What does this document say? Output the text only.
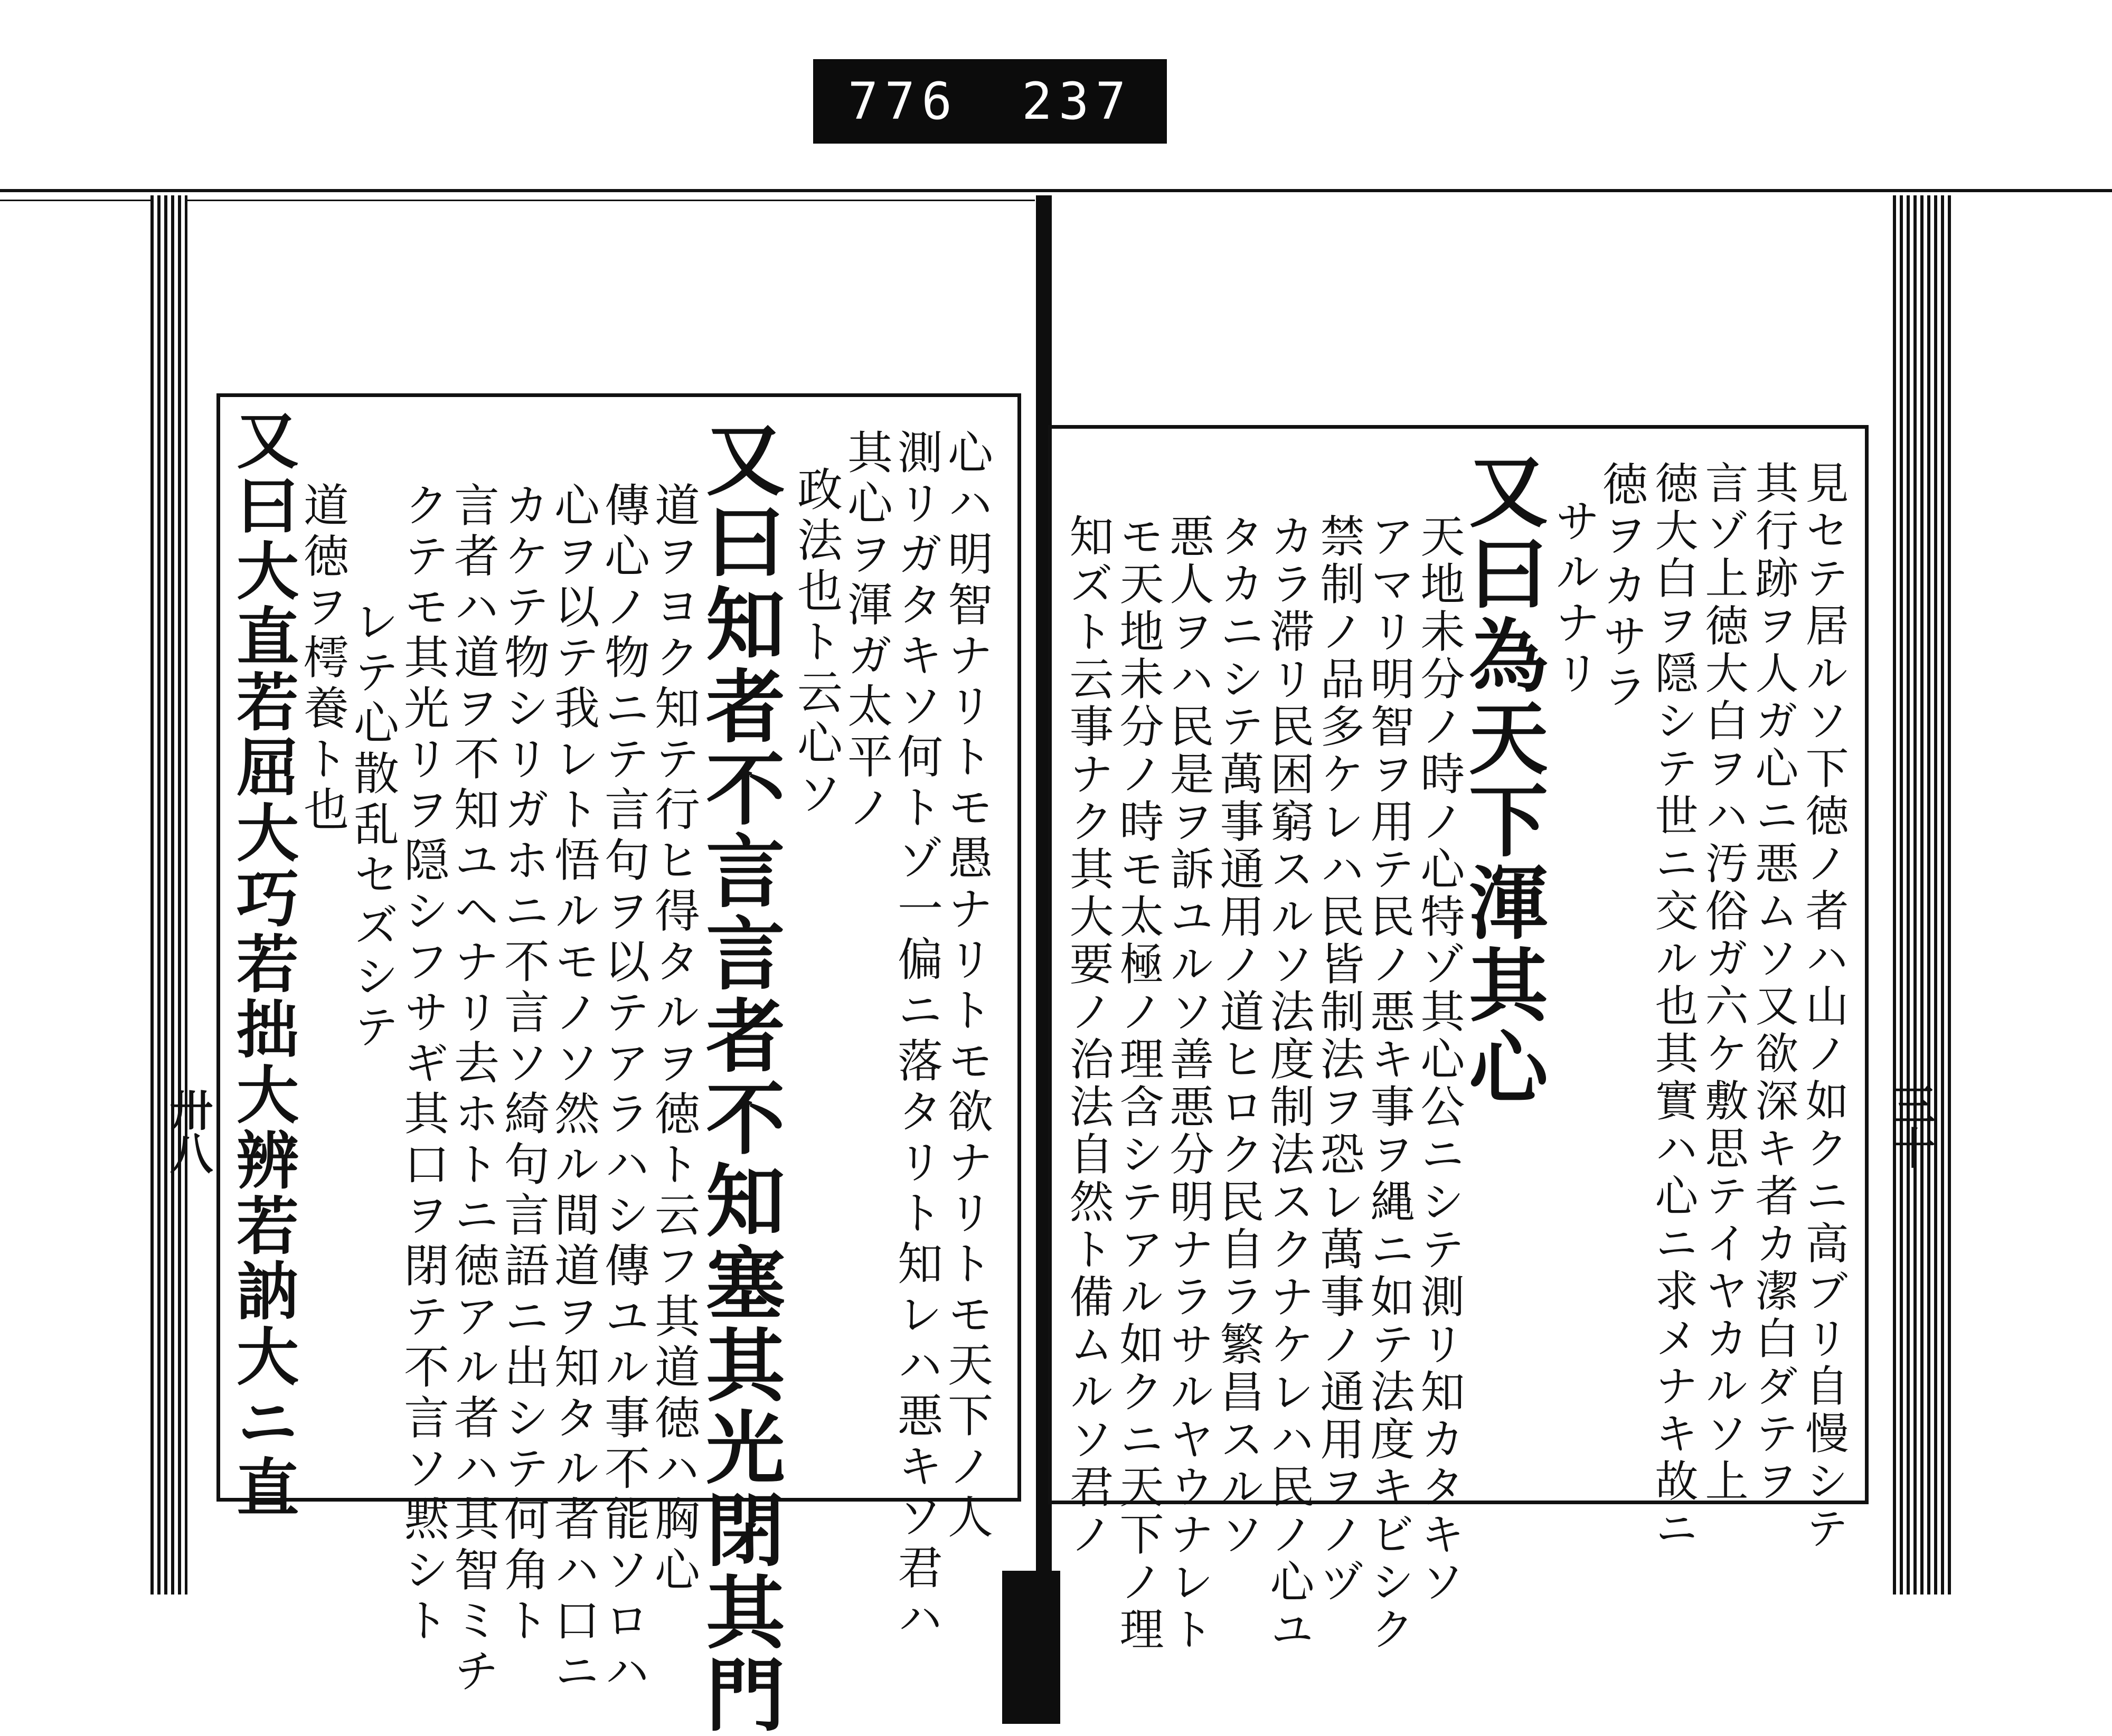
776 237
心ハ明智ナリトモ愚ナリトモ欲ナリトモ天下ノ人
測リガタキソ何トゾ一偏ニ落タリト知レハ悪キソ君ハ
其心ヲ渾ガ太平ノ
政法也ト云心ソ
又曰知者不言言者不知塞其光閉其門
道ヲヨク知テ行ヒ得タルヲ徳ト云フ其道徳ハ胸心
傳心ノ物ニテ言句ヲ以テアラハシ傳ユル事不能ソロハ
心ヲ以テ我レト悟ルモノソ然ル間道ヲ知タル者ハ口ニ
カケテ物シリガホニ不言ソ綺句言語ニ出シテ何角ト
言者ハ道ヲ不知ユヘナリ去ホトニ徳アル者ハ其智ミチ
クテモ其光リヲ隠シフサギ其口ヲ閉テ不言ソ黙シト
レテ心散乱セズシテ
道徳ヲ樗養ト也
又曰大直若屈大巧若拙大辨若訥大ニ直
卅八	見セテ居ルソ下徳ノ者ハ山ノ如クニ高ブリ自慢シテ
其行跡ヲ人ガ心ニ悪ムソ又欲深キ者カ潔白ダテヲ
言ゾ上徳大白ヲハ汚俗ガ六ケ敷思テイヤカルソ上
徳大白ヲ隠シテ世ニ交ル也其實ハ心ニ求メナキ故ニ
徳ヲカサラ
サルナリ
又曰為天下渾其心
天地未分ノ時ノ心特ゾ其心公ニシテ測リ知カタキソ
アマリ明智ヲ用テ民ノ悪キ事ヲ縄ニ如テ法度キビシク
禁制ノ品多ケレハ民皆制法ヲ恐レ萬事ノ通用ヲノヅ
カラ滞リ民困窮スルソ法度制法スクナケレハ民ノ心ユ
タカニシテ萬事通用ノ道ヒロク民自ラ繁昌スルソ
悪人ヲハ民是ヲ訴ユルソ善悪分明ナラサルヤウナレト
モ天地未分ノ時モ太極ノ理含シテアル如クニ天下ノ理
知ズト云事ナク其大要ノ治法自然ト備ムルソ君ノ	三十
